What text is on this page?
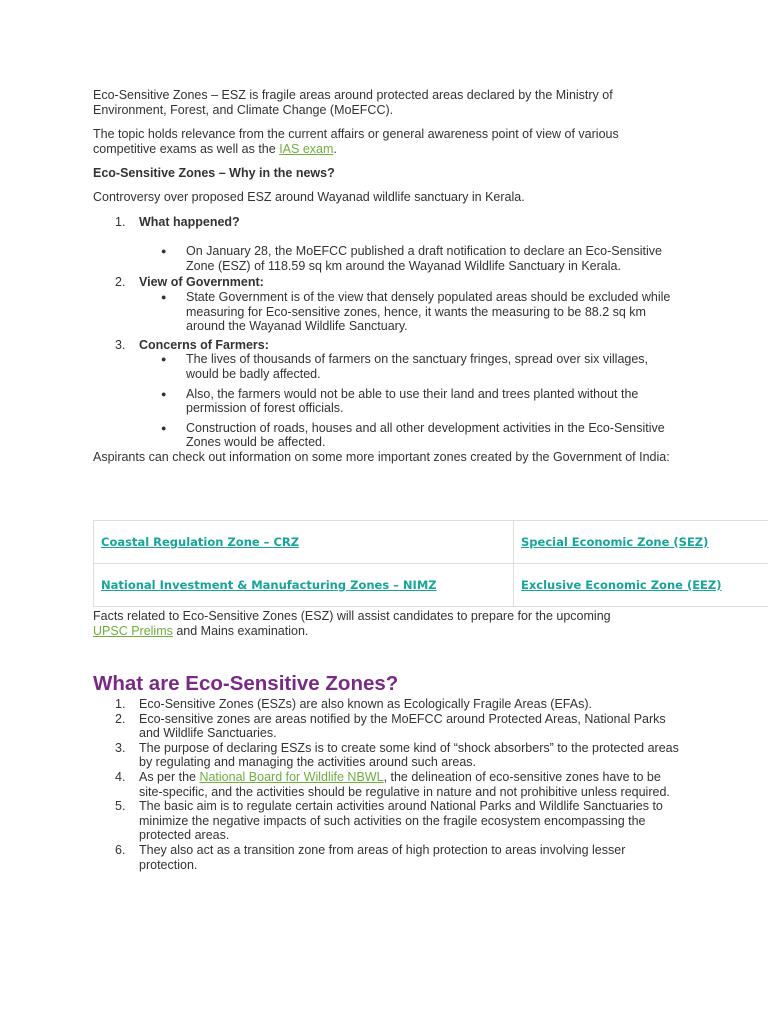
Eco-Sensitive Zones – ESZ is fragile areas around protected areas declared by the Ministry of Environment, Forest, and Climate Change (MoEFCC).

The topic holds relevance from the current affairs or general awareness point of view of various competitive exams as well as the IAS exam.

Eco-Sensitive Zones – Why in the news?

Controversy over proposed ESZ around Wayanad wildlife sanctuary in Kerala.

1. What happened?
● On January 28, the MoEFCC published a draft notification to declare an Eco-Sensitive Zone (ESZ) of 118.59 sq km around the Wayanad Wildlife Sanctuary in Kerala.
2. View of Government:
● State Government is of the view that densely populated areas should be excluded while measuring for Eco-sensitive zones, hence, it wants the measuring to be 88.2 sq km around the Wayanad Wildlife Sanctuary.
3. Concerns of Farmers:
● The lives of thousands of farmers on the sanctuary fringes, spread over six villages, would be badly affected.
● Also, the farmers would not be able to use their land and trees planted without the permission of forest officials.
● Construction of roads, houses and all other development activities in the Eco-Sensitive Zones would be affected.

Aspirants can check out information on some more important zones created by the Government of India:

Coastal Regulation Zone – CRZ	Special Economic Zone (SEZ)
National Investment & Manufacturing Zones – NIMZ	Exclusive Economic Zone (EEZ)

Facts related to Eco-Sensitive Zones (ESZ) will assist candidates to prepare for the upcoming UPSC Prelims and Mains examination.

What are Eco-Sensitive Zones?
1. Eco-Sensitive Zones (ESZs) are also known as Ecologically Fragile Areas (EFAs).
2. Eco-sensitive zones are areas notified by the MoEFCC around Protected Areas, National Parks and Wildlife Sanctuaries.
3. The purpose of declaring ESZs is to create some kind of “shock absorbers” to the protected areas by regulating and managing the activities around such areas.
4. As per the National Board for Wildlife NBWL, the delineation of eco-sensitive zones have to be site-specific, and the activities should be regulative in nature and not prohibitive unless required.
5. The basic aim is to regulate certain activities around National Parks and Wildlife Sanctuaries to minimize the negative impacts of such activities on the fragile ecosystem encompassing the protected areas.
6. They also act as a transition zone from areas of high protection to areas involving lesser protection.
